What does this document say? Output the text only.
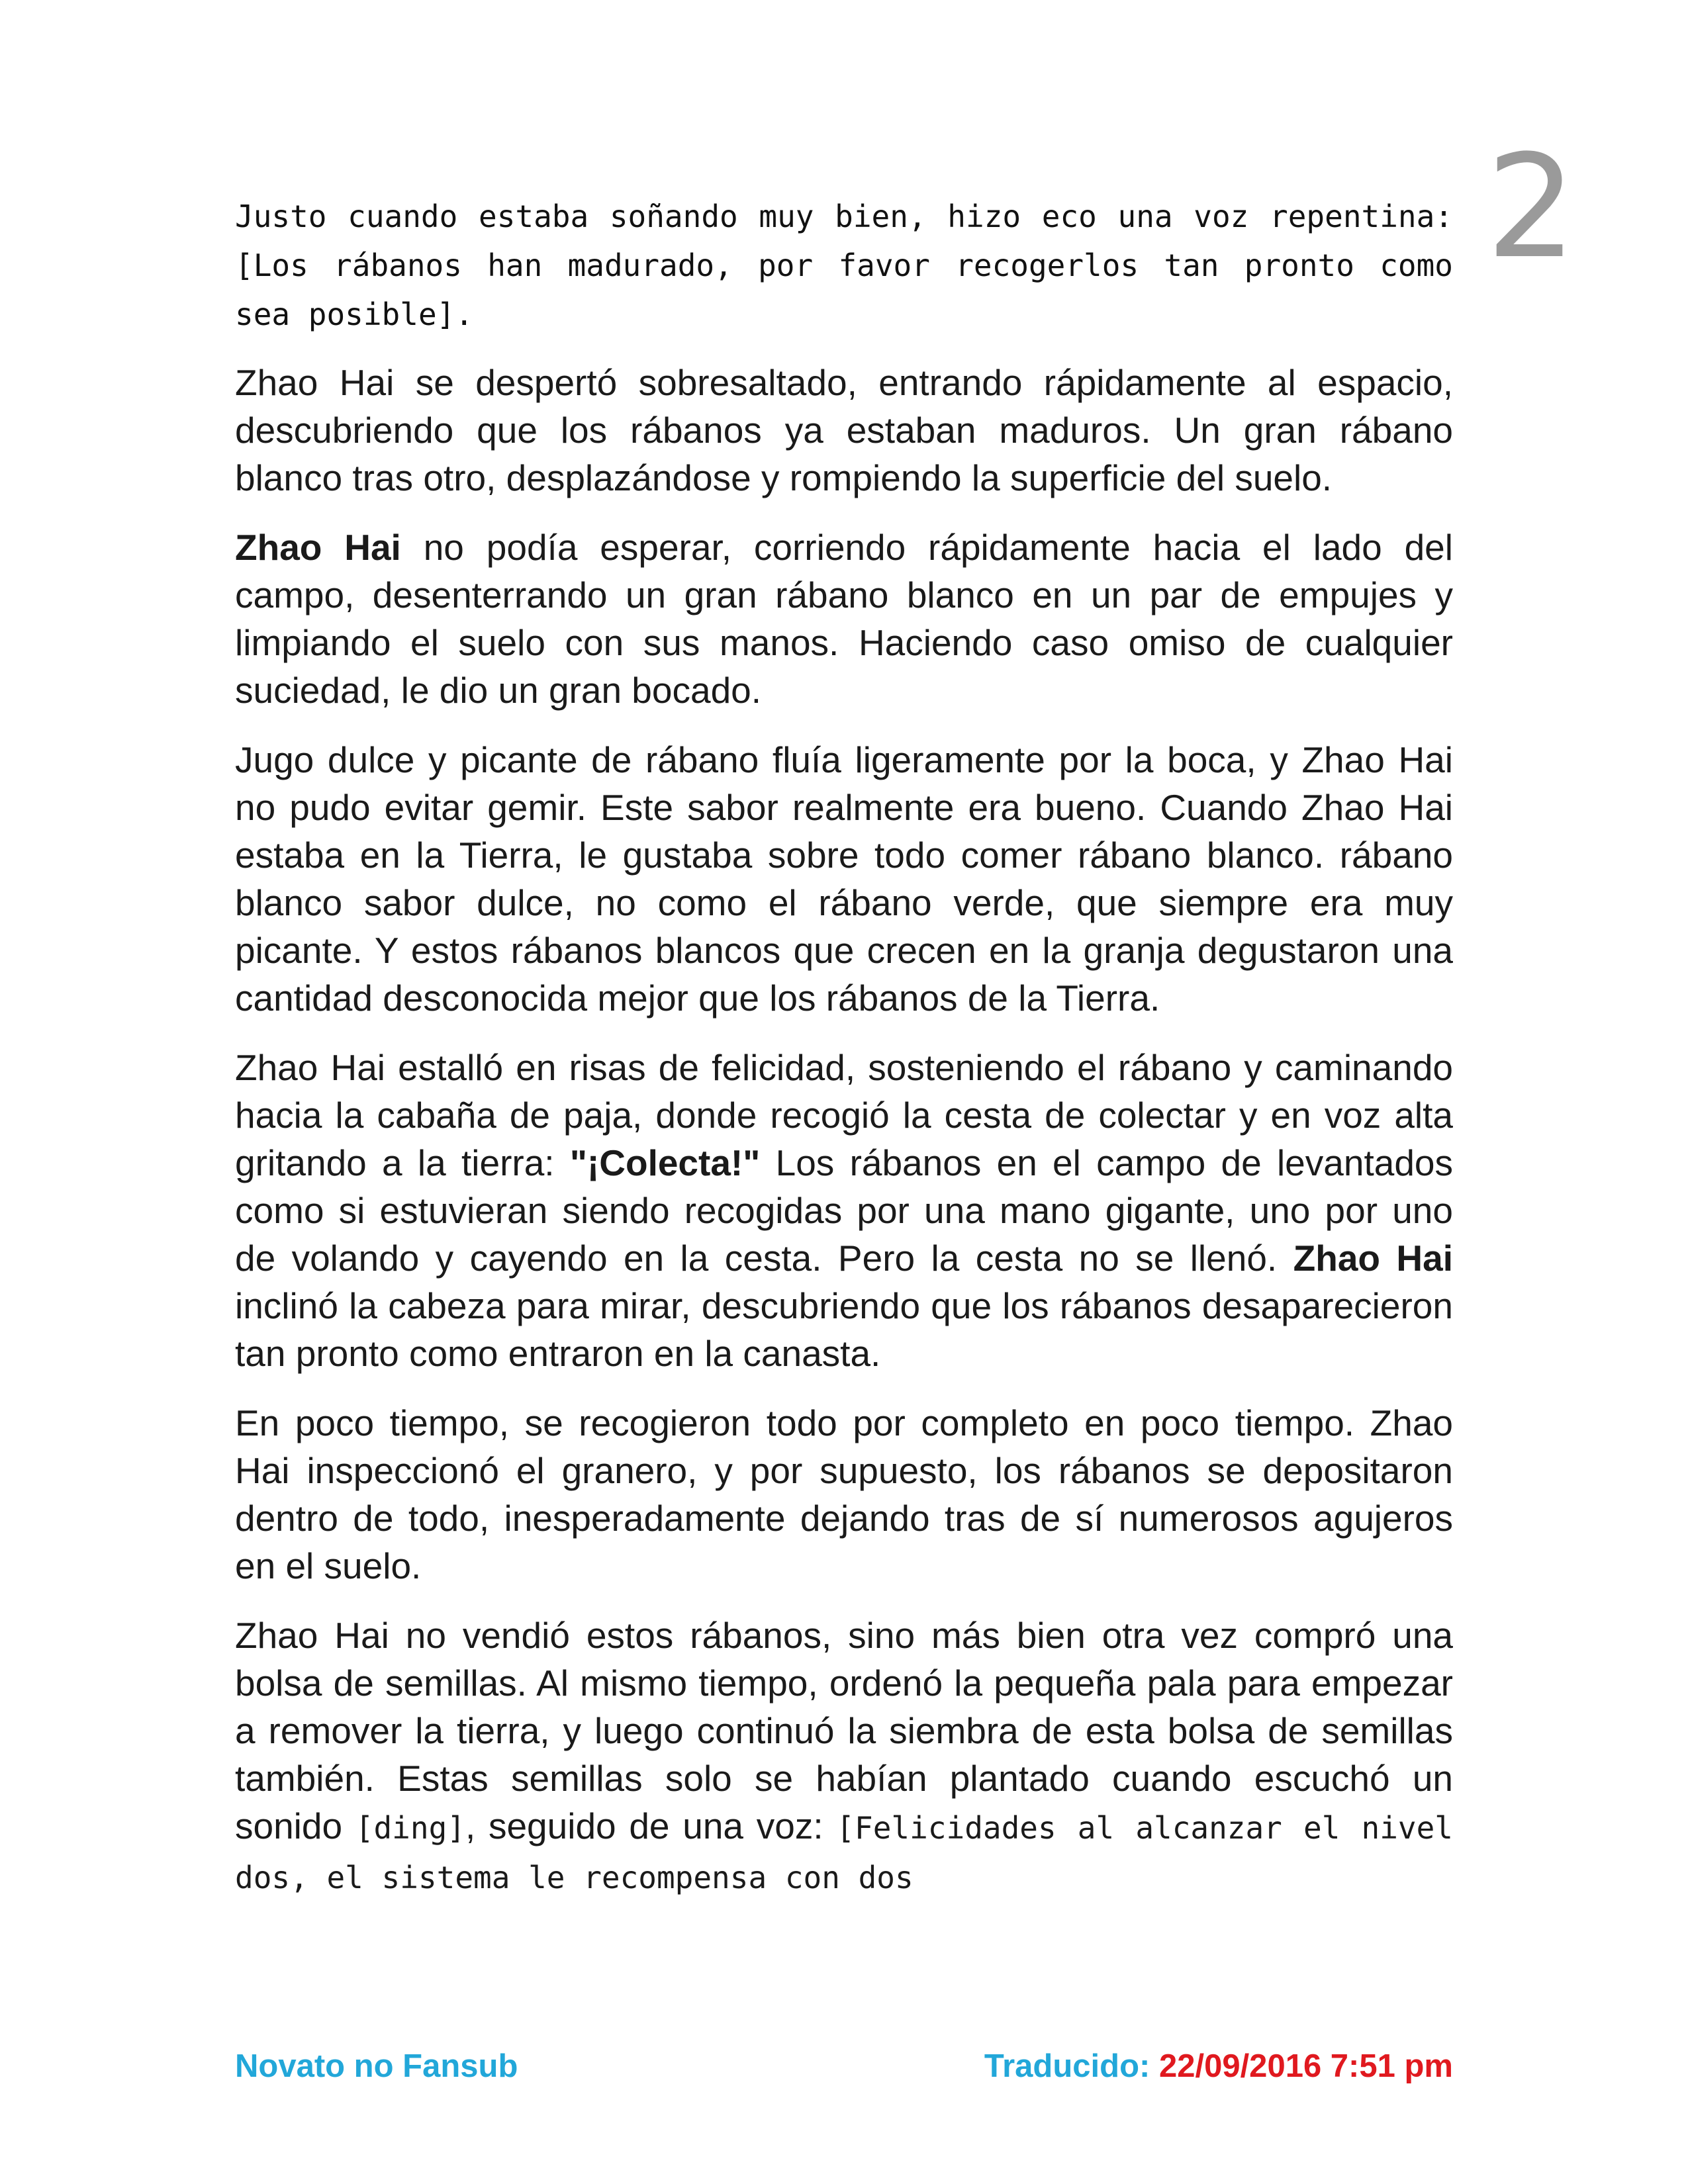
2

Justo cuando estaba soñando muy bien, hizo eco una voz repentina: [Los rábanos han madurado, por favor recogerlos tan pronto como sea posible].

Zhao Hai se despertó sobresaltado, entrando rápidamente al espacio, descubriendo que los rábanos ya estaban maduros. Un gran rábano blanco tras otro, desplazándose y rompiendo la superficie del suelo.

Zhao Hai no podía esperar, corriendo rápidamente hacia el lado del campo, desenterrando un gran rábano blanco en un par de empujes y limpiando el suelo con sus manos. Haciendo caso omiso de cualquier suciedad, le dio un gran bocado.

Jugo dulce y picante de rábano fluía ligeramente por la boca, y Zhao Hai no pudo evitar gemir. Este sabor realmente era bueno. Cuando Zhao Hai estaba en la Tierra, le gustaba sobre todo comer rábano blanco. rábano blanco sabor dulce, no como el rábano verde, que siempre era muy picante. Y estos rábanos blancos que crecen en la granja degustaron una cantidad desconocida mejor que los rábanos de la Tierra.

Zhao Hai estalló en risas de felicidad, sosteniendo el rábano y caminando hacia la cabaña de paja, donde recogió la cesta de colectar y en voz alta gritando a la tierra: "¡Colecta!" Los rábanos en el campo de levantados como si estuvieran siendo recogidas por una mano gigante, uno por uno de volando y cayendo en la cesta. Pero la cesta no se llenó. Zhao Hai inclinó la cabeza para mirar, descubriendo que los rábanos desaparecieron tan pronto como entraron en la canasta.

En poco tiempo, se recogieron todo por completo en poco tiempo. Zhao Hai inspeccionó el granero, y por supuesto, los rábanos se depositaron dentro de todo, inesperadamente dejando tras de sí numerosos agujeros en el suelo.

Zhao Hai no vendió estos rábanos, sino más bien otra vez compró una bolsa de semillas. Al mismo tiempo, ordenó la pequeña pala para empezar a remover la tierra, y luego continuó la siembra de esta bolsa de semillas también. Estas semillas solo se habían plantado cuando escuchó un sonido [ding], seguido de una voz: [Felicidades al alcanzar el nivel dos, el sistema le recompensa con dos

Novato no Fansub	Traducido: 22/09/2016 7:51 pm
